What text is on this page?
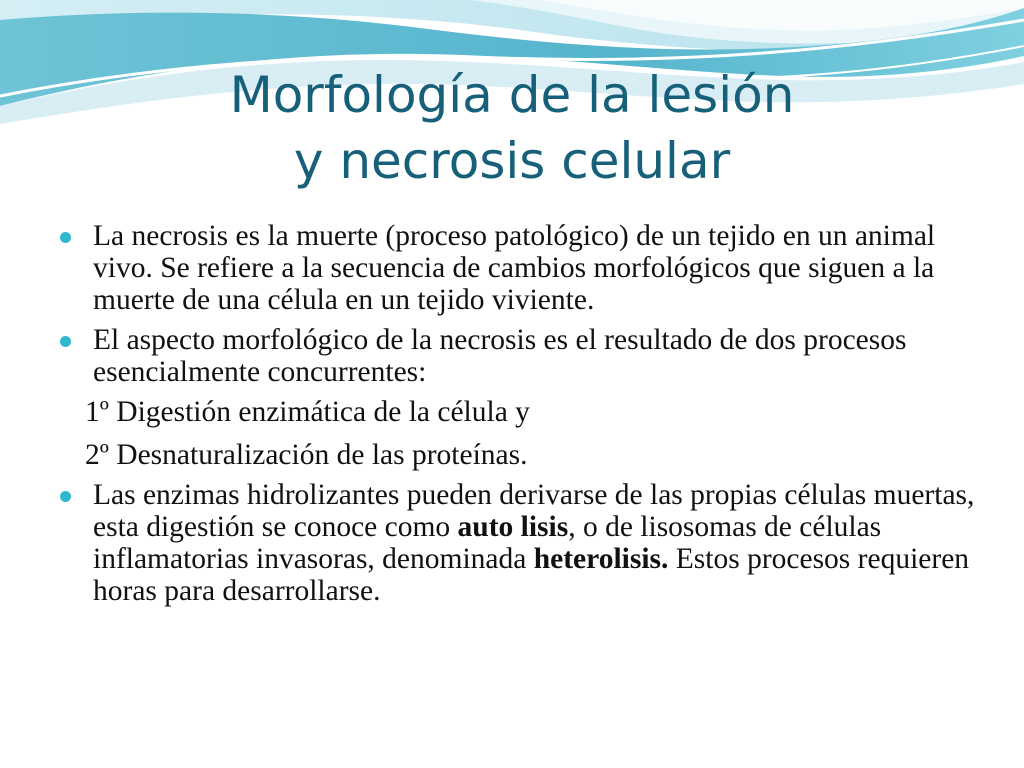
Morfología de la lesión
y necrosis celular
La necrosis es la muerte (proceso patológico) de un tejido en un animal vivo. Se refiere a la secuencia de cambios morfológicos que siguen a la muerte de una célula en un tejido viviente.
El aspecto morfológico de la necrosis es el resultado de dos procesos esencialmente concurrentes:
1º Digestión enzimática de la célula y
2º Desnaturalización de las proteínas.
Las enzimas hidrolizantes pueden derivarse de las propias células muertas, esta digestión se conoce como auto lisis, o de lisosomas de células inflamatorias invasoras, denominada heterolisis. Estos procesos requieren horas para desarrollarse.
